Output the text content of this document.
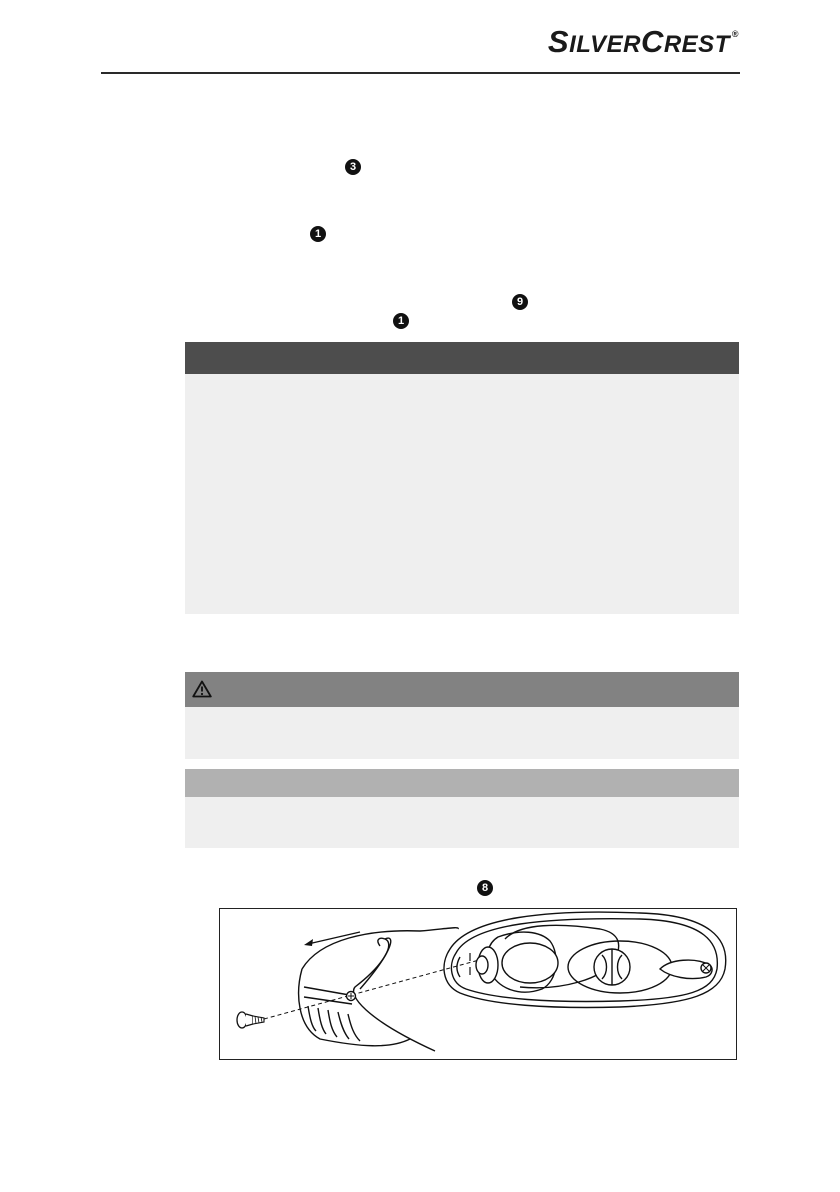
SILVERCREST ®
3
1
9
1
8
